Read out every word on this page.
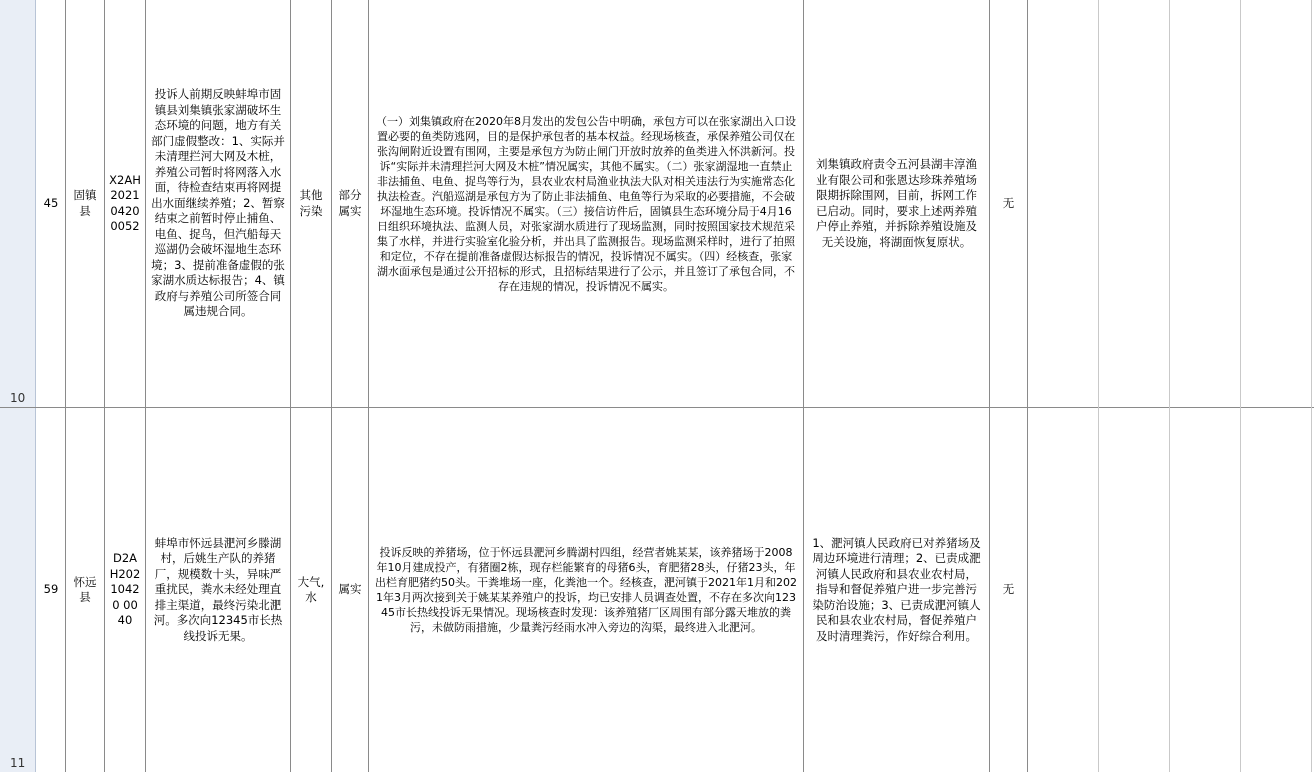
10
11
45
固镇县
X2AH20210420 0052
投诉人前期反映蚌埠市固镇县刘集镇张家湖破坏生态环境的问题，地方有关部门虚假整改：1、实际并未清理拦河大网及木桩，养殖公司暂时将网落入水面，待检查结束再将网提出水面继续养殖；2、暂察结束之前暂时停止捕鱼、电鱼、捉鸟，但汽船每天巡湖仍会破坏湿地生态环境；3、提前准备虚假的张家湖水质达标报告；4、镇政府与养殖公司所签合同属违规合同。
其他污染
部分属实
（一）刘集镇政府在2020年8月发出的发包公告中明确，承包方可以在张家湖出入口设置必要的鱼类防逃网，目的是保护承包者的基本权益。经现场核查，承保养殖公司仅在张沟闸附近设置有围网，主要是承包方为防止闸门开放时放养的鱼类进入怀洪新河。投诉“实际并未清理拦河大网及木桩”情况属实，其他不属实。（二）张家湖湿地一直禁止非法捕鱼、电鱼、捉鸟等行为，县农业农村局渔业执法大队对相关违法行为实施常态化执法检查。汽船巡湖是承包方为了防止非法捕鱼、电鱼等行为采取的必要措施，不会破坏湿地生态环境。投诉情况不属实。（三）接信访件后，固镇县生态环境分局于4月16日组织环境执法、监测人员，对张家湖水质进行了现场监测，同时按照国家技术规范采集了水样，并进行实验室化验分析，并出具了监测报告。现场监测采样时，进行了拍照和定位，不存在提前准备虚假达标报告的情况，投诉情况不属实。（四）经核查，张家湖水面承包是通过公开招标的形式，且招标结果进行了公示，并且签订了承包合同，不存在违规的情况，投诉情况不属实。
刘集镇政府责令五河县湖丰淳渔业有限公司和张恩达珍珠养殖场限期拆除围网，目前，拆网工作已启动。同时，要求上述两养殖户停止养殖，并拆除养殖设施及无关设施，将湖面恢复原状。
无
59
怀远县
D2AH20210420 0040
蚌埠市怀远县淝河乡滕湖村，后姚生产队的养猪厂，规模数十头，异味严重扰民，粪水未经处理直排主渠道，最终污染北淝河。多次向12345市长热线投诉无果。
大气,水
属实
投诉反映的养猪场，位于怀远县淝河乡腾湖村四组，经营者姚某某，该养猪场于2008年10月建成投产，有猪圈2栋，现存栏能繁育的母猪6头，育肥猪28头，仔猪23头，年出栏育肥猪约50头。干粪堆场一座，化粪池一个。经核查，淝河镇于2021年1月和2021年3月两次接到关于姚某某养殖户的投诉，均已安排人员调查处置，不存在多次向12345市长热线投诉无果情况。现场核查时发现：该养殖猪厂区周围有部分露天堆放的粪污，未做防雨措施，少量粪污经雨水冲入旁边的沟渠，最终进入北淝河。
1、淝河镇人民政府已对养猪场及周边环境进行清理；2、已责成淝河镇人民政府和县农业农村局，指导和督促养殖户进一步完善污染防治设施；3、已责成淝河镇人民和县农业农村局，督促养殖户及时清理粪污，作好综合利用。
无
